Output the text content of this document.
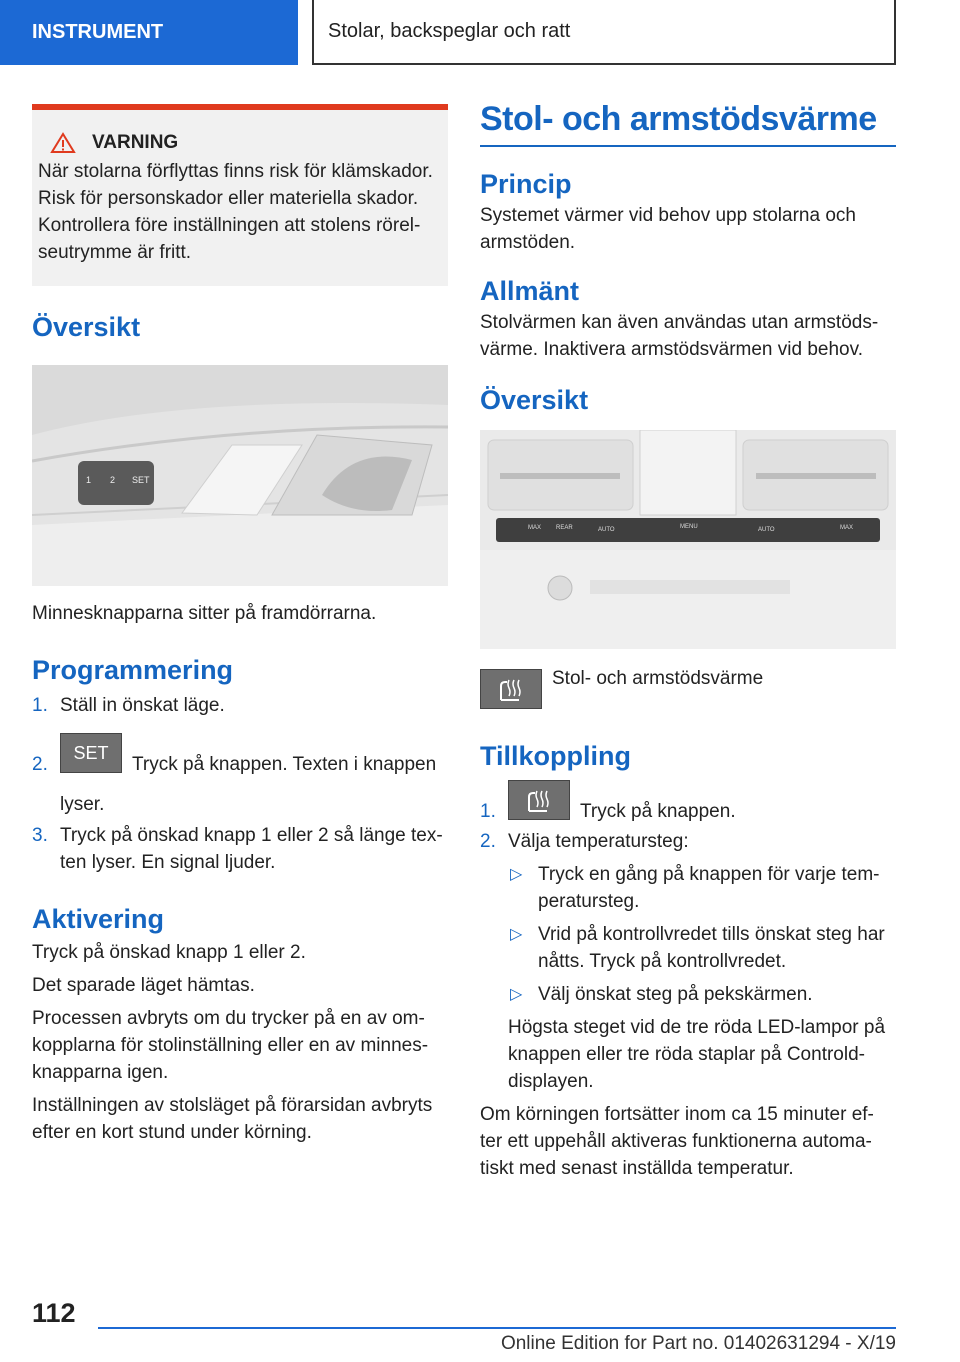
INSTRUMENT	Stolar, backspeglar och ratt
VARNING

När stolarna förflyttas finns risk för klämskador.

Risk för personskador eller materiella skador.

Kontrollera före inställningen att stolens rörel-

seutrymme är fritt.

Översikt
1 2 SET

Minnesknapparna sitter på framdörrarna.

Programmering
1. Ställ in önskat läge.
2.
SETTryck på knappen. Texten i knappen lyser.
3. Tryck på önskad knapp 1 eller 2 så länge tex-ten lyser. En signal ljuder.
Aktivering

Tryck på önskad knapp 1 eller 2.

Det sparade läget hämtas.

Processen avbryts om du trycker på en av om-kopplarna för stolinställning eller en av minnes-knapparna igen.

Inställningen av stolsläget på förarsidan avbryts efter en kort stund under körning.

Stol- och armstödsvärme
Princip

Systemet värmer vid behov upp stolarna och armstöden.

Allmänt

Stolvärmen kan även användas utan armstöds-värme. Inaktivera armstödsvärmen vid behov.

Översikt
MAX REAR	AUTO	MENU	AUTO	MAX

Stol- och armstödsvärme

Tillkoppling
1.	Tryck på knappen.
2. Välja temperatursteg:
▷ Tryck en gång på knappen för varje tem-peratursteg.
▷ Vrid på kontrollvredet tills önskat steg har nåtts. Tryck på kontrollvredet.
▷ Välj önskat steg på pekskärmen.

Högsta steget vid de tre röda LED-lampor på knappen eller tre röda staplar på Controld-displayen.

Om körningen fortsätter inom ca 15 minuter ef-ter ett uppehåll aktiveras funktionerna automa-tiskt med senast inställda temperatur.

112
Online Edition for Part no. 01402631294 - X/19
